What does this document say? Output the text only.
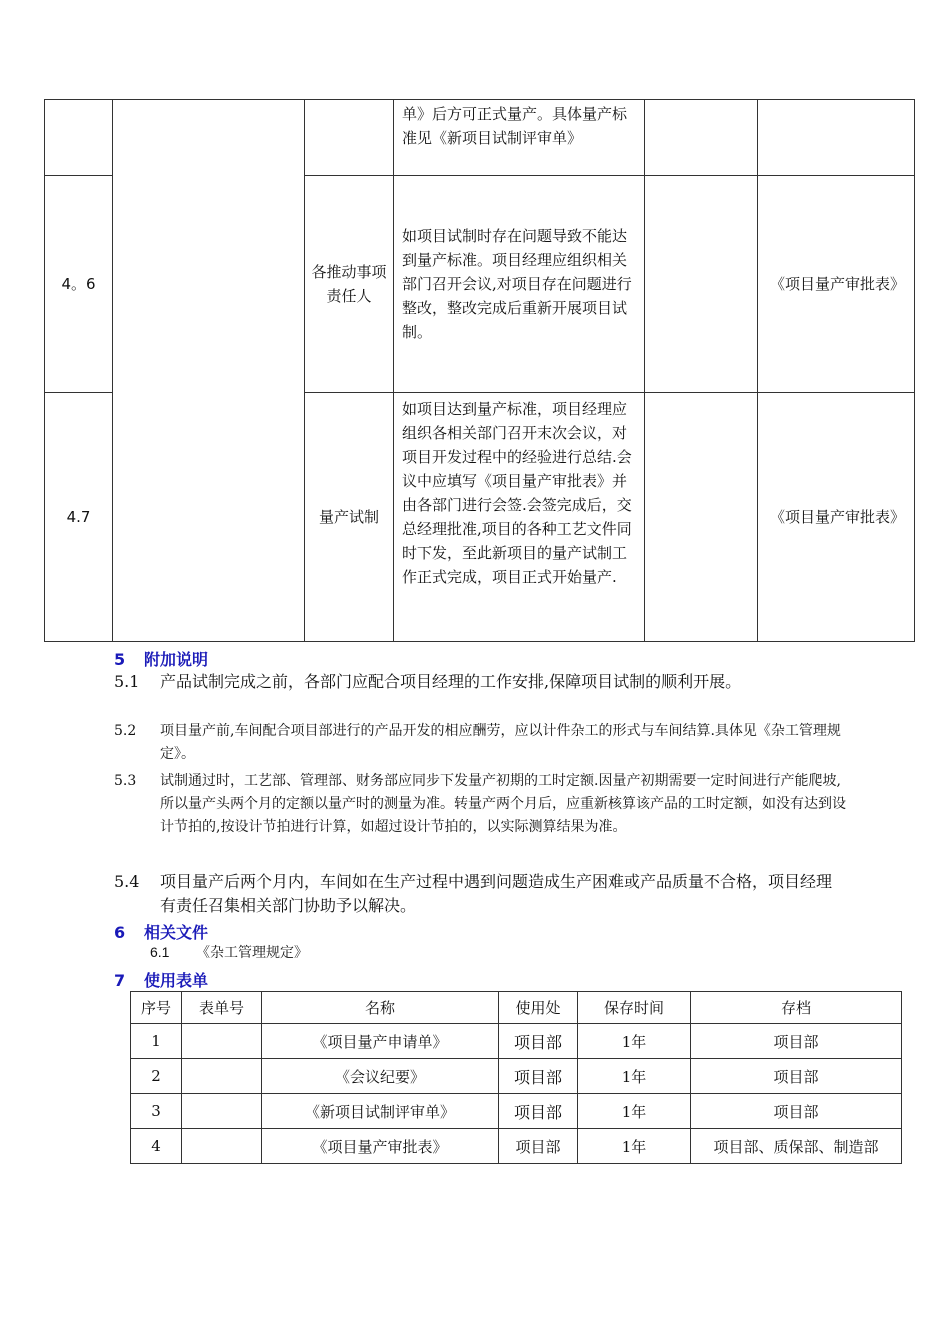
			单》后方可正式量产。具体量产标准见《新项目试制评审单》		
4。6		各推动事项责任人	如项目试制时存在问题导致不能达到量产标准。项目经理应组织相关部门召开会议,对项目存在问题进行整改，整改完成后重新开展项目试制。		《项目量产审批表》
4.7		量产试制	如项目达到量产标准，项目经理应组织各相关部门召开末次会议，对项目开发过程中的经验进行总结.会议中应填写《项目量产审批表》并由各部门进行会签.会签完成后，交总经理批准,项目的各种工艺文件同时下发，至此新项目的量产试制工作正式完成，项目正式开始量产.		《项目量产审批表》
5 附加说明

5.1	产品试制完成之前，各部门应配合项目经理的工作安排,保障项目试制的顺利开展。

5.2	项目量产前,车间配合项目部进行的产品开发的相应酬劳，应以计件杂工的形式与车间结算.具体见《杂工管理规定》。

5.3	试制通过时，工艺部、管理部、财务部应同步下发量产初期的工时定额.因量产初期需要一定时间进行产能爬坡,所以量产头两个月的定额以量产时的测量为准。转量产两个月后，应重新核算该产品的工时定额，如没有达到设计节拍的,按设计节拍进行计算，如超过设计节拍的，以实际测算结果为准。

5.4	项目量产后两个月内，车间如在生产过程中遇到问题造成生产困难或产品质量不合格，项目经理有责任召集相关部门协助予以解决。

6 相关文件

6.1 《杂工管理规定》

7 使用表单
序号	表单号	名称	使用处	保存时间	存档
1		《项目量产申请单》	项目部	1年	项目部
2		《会议纪要》	项目部	1年	项目部
3		《新项目试制评审单》	项目部	1年	项目部
4		《项目量产审批表》	项目部	1年	项目部、质保部、制造部
